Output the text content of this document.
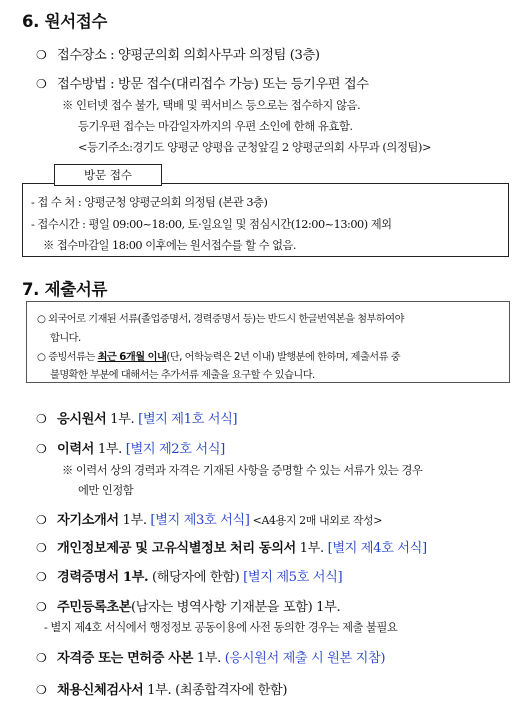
6. 원서접수
❍ 접수장소 : 양평군의회 의회사무과 의정팀 (3층)
❍ 접수방법 : 방문 접수(대리접수 가능) 또는 등기우편 접수
※ 인터넷 접수 불가, 택배 및 퀵서비스 등으로는 접수하지 않음.
등기우편 접수는 마감일자까지의 우편 소인에 한해 유효함.
<등기주소:경기도 양평군 양평읍 군청앞길 2 양평군의회 사무과 (의정팀)>
- 접 수 처 : 양평군청 양평군의회 의정팀 (본관 3층)
- 접수시간 : 평일 09:00~18:00, 토·일요일 및 점심시간(12:00~13:00) 제외
※ 접수마감일 18:00 이후에는 원서접수를 할 수 없음.
방문 접수
7. 제출서류
○ 외국어로 기재된 서류(졸업증명서, 경력증명서 등)는 반드시 한글번역본을 첨부하여야
합니다.
○ 증빙서류는 최근 6개월 이내(단, 어학능력은 2년 이내) 발행분에 한하며, 제출서류 중
불명확한 부분에 대해서는 추가서류 제출을 요구할 수 있습니다.
❍ 응시원서 1부. [별지 제1호 서식]
❍ 이력서 1부. [별지 제2호 서식]
※ 이력서 상의 경력과 자격은 기재된 사항을 증명할 수 있는 서류가 있는 경우
에만 인정함
❍ 자기소개서 1부. [별지 제3호 서식] <A4용지 2매 내외로 작성>
❍ 개인정보제공 및 고유식별정보 처리 동의서 1부. [별지 제4호 서식]
❍ 경력증명서 1부. (해당자에 한함) [별지 제5호 서식]
❍ 주민등록초본(남자는 병역사항 기재분을 포함) 1부.
- 별지 제4호 서식에서 행정정보 공동이용에 사전 동의한 경우는 제출 불필요
❍ 자격증 또는 면허증 사본 1부. (응시원서 제출 시 원본 지참)
❍ 채용신체검사서 1부. (최종합격자에 한함)
